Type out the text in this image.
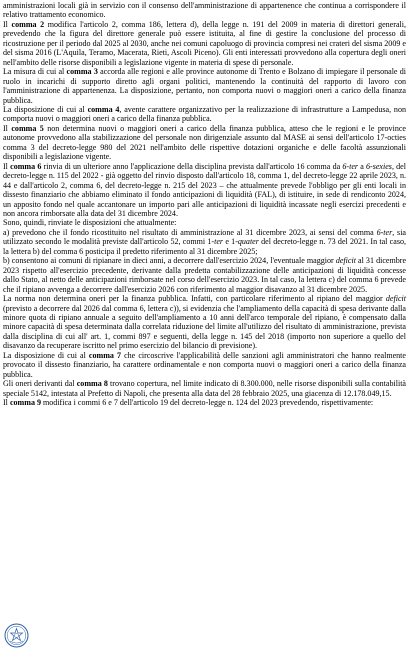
amministrazioni locali già in servizio con il consenso dell'amministrazione di appartenence che continua a corrispondere il relativo trattamento economico.

Il comma 2 modifica l'articolo 2, comma 186, lettera d), della legge n. 191 del 2009 in materia di direttori generali, prevedendo che la figura del direttore generale può essere istituita, al fine di gestire la conclusione del processo di ricostruzione per il periodo dal 2025 al 2030, anche nei comuni capoluogo di provincia compresi nei crateri del sisma 2009 e del sisma 2016 (L'Aquila, Teramo, Macerata, Rieti, Ascoli Piceno). Gli enti interessati provvedono alla copertura degli oneri nell'ambito delle risorse disponibili a legislazione vigente in materia di spese di personale.

La misura di cui al comma 3 accorda alle regioni e alle province autonome di Trento e Bolzano di impiegare il personale di ruolo in incarichi di supporto diretto agli organi politici, mantenendo la continuità del rapporto di lavoro con l'amministrazione di appartenenza. La disposizione, pertanto, non comporta nuovi o maggiori oneri a carico della finanza pubblica.

La disposizione di cui al comma 4, avente carattere organizzativo per la realizzazione di infrastrutture a Lampedusa, non comporta nuovi o maggiori oneri a carico della finanza pubblica.

Il comma 5 non determina nuovi o maggiori oneri a carico della finanza pubblica, atteso che le regioni e le province autonome provvedono alla stabilizzazione del personale non dirigenziale assunto dal MASE ai sensi dell'articolo 17-octies comma 3 del decreto-legge 980 del 2021 nell'ambito delle rispettive dotazioni organiche e delle facoltà assunzionali disponibili a legislazione vigente.

Il comma 6 rinvia di un ulteriore anno l'applicazione della disciplina prevista dall'articolo 16 comma da 6-ter a 6-sexies, del decreto-legge n. 115 del 2022 - già oggetto del rinvio disposto dall'articolo 18, comma 1, del decreto-legge 22 aprile 2023, n. 44 e dall'articolo 2, comma 6, del decreto-legge n. 215 del 2023 – che attualmente prevede l'obbligo per gli enti locali in dissesto finanziario che abbiamo eliminato il fondo anticipazioni di liquidità (FAL), di istituire, in sede di rendiconto 2024, un apposito fondo nel quale accantonare un importo pari alle anticipazioni di liquidità incassate negli esercizi precedenti e non ancora rimborsate alla data del 31 dicembre 2024.

Sono, quindi, rinviate le disposizioni che attualmente:

a) prevedono che il fondo ricostituito nel risultato di amministrazione al 31 dicembre 2023, ai sensi del comma 6-ter, sia utilizzato secondo le modalità previste dall'articolo 52, commi 1-ter e 1-quater del decreto-legge n. 73 del 2021. In tal caso, la lettera b) del comma 6 posticipa il predetto riferimento al 31 dicembre 2025;

b) consentono ai comuni di ripianare in dieci anni, a decorrere dall'esercizio 2024, l'eventuale maggior deficit al 31 dicembre 2023 rispetto all'esercizio precedente, derivante dalla predetta contabilizzazione delle anticipazioni di liquidità concesse dallo Stato, al netto delle anticipazioni rimborsate nel corso dell'esercizio 2023. In tal caso, la lettera c) del comma 6 prevede che il ripiano avvenga a decorrere dall'esercizio 2026 con riferimento al maggior disavanzo al 31 dicembre 2025.

La norma non determina oneri per la finanza pubblica. Infatti, con particolare riferimento al ripiano del maggior deficit (previsto a decorrere dal 2026 dal comma 6, lettera c)), si evidenzia che l'ampliamento della capacità di spesa derivante dalla minore quota di ripiano annuale a seguito dell'ampliamento a 10 anni dell'arco temporale del ripiano, è compensato dalla minore capacità di spesa determinata dalla correlata riduzione del limite all'utilizzo del risultato di amministrazione, prevista dalla disciplina di cui all' art. 1, commi 897 e seguenti, della legge n. 145 del 2018 (importo non superiore a quello del disavanzo da recuperare iscritto nel primo esercizio del bilancio di previsione).

La disposizione di cui al comma 7 che circoscrive l'applicabilità delle sanzioni agli amministratori che hanno realmente provocato il dissesto finanziario, ha carattere ordinamentale e non comporta nuovi o maggiori oneri a carico della finanza pubblica.

Gli oneri derivanti dal comma 8 trovano copertura, nel limite indicato di 8.300.000, nelle risorse disponibili sulla contabilità speciale 5142, intestata al Prefetto di Napoli, che presenta alla data del 28 febbraio 2025, una giacenza di 12.178.049,15.

Il comma 9 modifica i commi 6 e 7 dell'articolo 19 del decreto-legge n. 124 del 2023 prevedendo, rispettivamente:
